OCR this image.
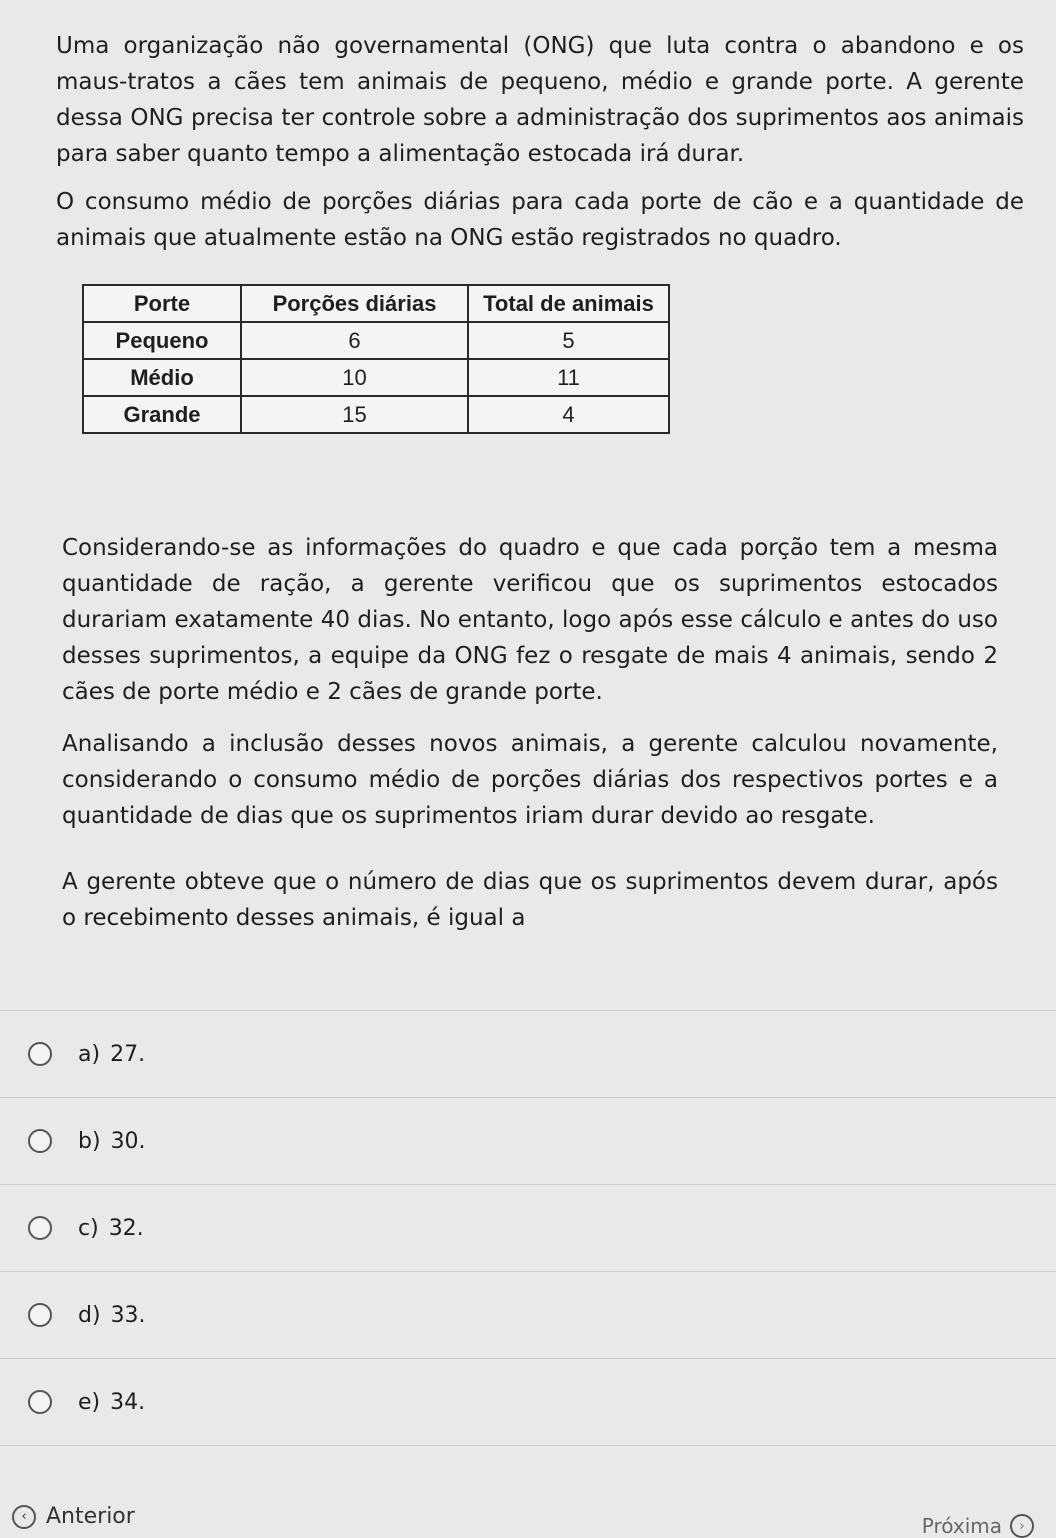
Uma organização não governamental (ONG) que luta contra o abandono e os maus-tratos a cães tem animais de pequeno, médio e grande porte. A gerente dessa ONG precisa ter controle sobre a administração dos suprimentos aos animais para saber quanto tempo a alimentação estocada irá durar.

O consumo médio de porções diárias para cada porte de cão e a quantidade de animais que atualmente estão na ONG estão registrados no quadro.

Porte	Porções diárias	Total de animais
Pequeno	6	5
Médio	10	11
Grande	15	4

Considerando-se as informações do quadro e que cada porção tem a mesma quantidade de ração, a gerente verificou que os suprimentos estocados durariam exatamente 40 dias. No entanto, logo após esse cálculo e antes do uso desses suprimentos, a equipe da ONG fez o resgate de mais 4 animais, sendo 2 cães de porte médio e 2 cães de grande porte.

Analisando a inclusão desses novos animais, a gerente calculou novamente, considerando o consumo médio de porções diárias dos respectivos portes e a quantidade de dias que os suprimentos iriam durar devido ao resgate.

A gerente obteve que o número de dias que os suprimentos devem durar, após o recebimento desses animais, é igual a

a) 27.
b) 30.
c) 32.
d) 33.
e) 34.
‹ Anterior	Próxima	›
